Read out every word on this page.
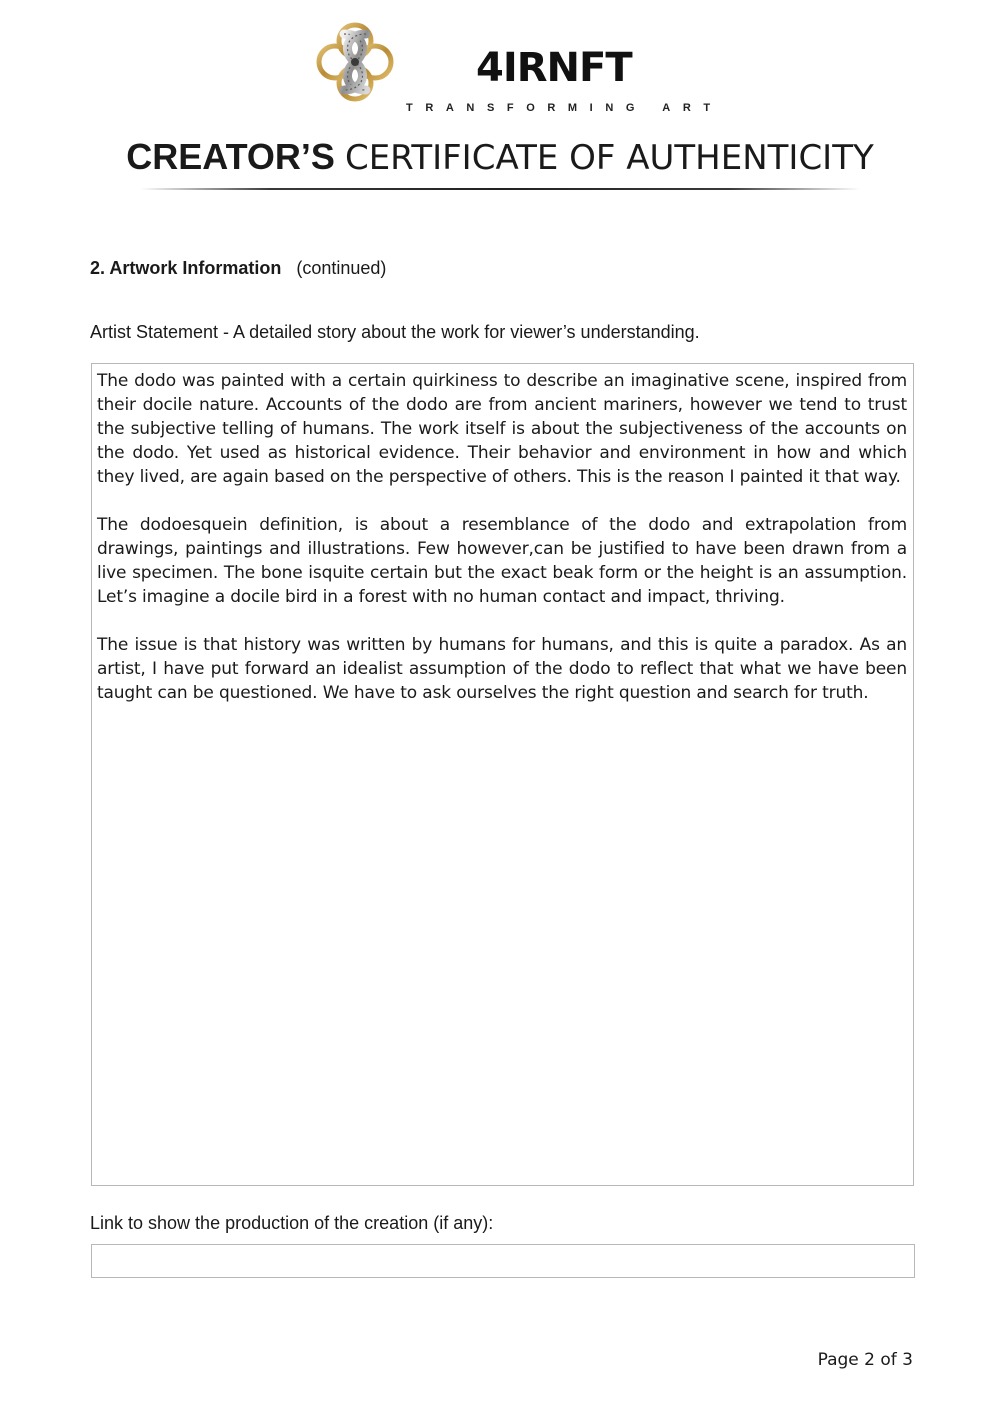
4IRNFT
TRANSFORMING ART
CREATOR’S CERTIFICATE OF AUTHENTICITY
2. Artwork Information (continued)
Artist Statement - A detailed story about the work for viewer’s understanding.

The dodo was painted with a certain quirkiness to describe an imaginative scene, inspired from their docile nature. Accounts of the dodo are from ancient mariners, however we tend to trust the subjective telling of humans. The work itself is about the subjectiveness of the accounts on the dodo. Yet used as historical evidence. Their behavior and environment in how and which they lived, are again based on the perspective of others. This is the reason I painted it that way.

The dodoesquein definition, is about a resemblance of the dodo and extrapolation from drawings, paintings and illustrations. Few however,can be justified to have been drawn from a live specimen. The bone isquite certain but the exact beak form or the height is an assumption. Let’s imagine a docile bird in a forest with no human contact and impact, thriving.

The issue is that history was written by humans for humans, and this is quite a paradox. As an artist, I have put forward an idealist assumption of the dodo to reflect that what we have been taught can be questioned. We have to ask ourselves the right question and search for truth.

Link to show the production of the creation (if any):
Page 2 of 3
